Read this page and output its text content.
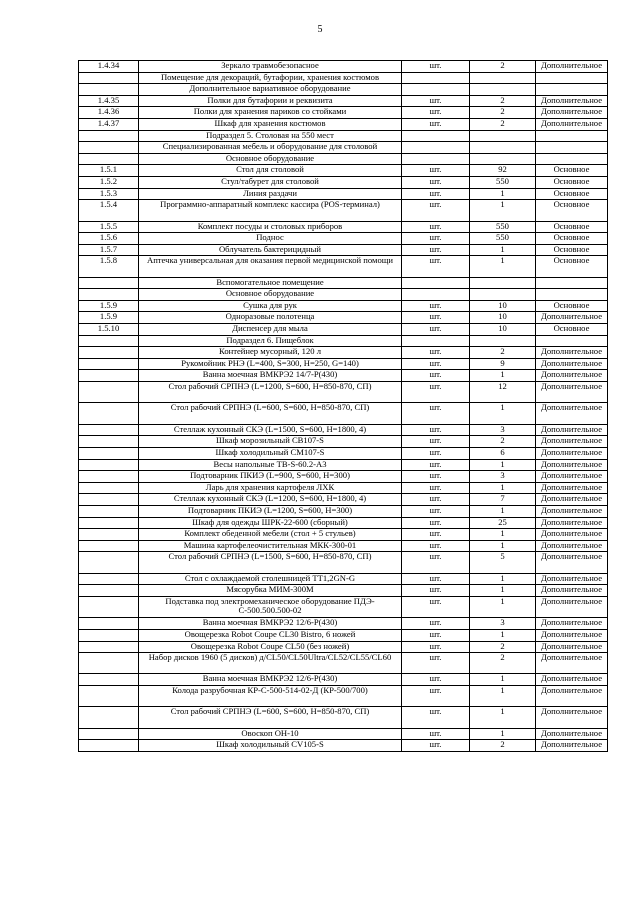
5
1.4.34	Зеркало травмобезопасное	шт.	2	Дополнительное
	Помещение для декораций, бутафории, хранения костюмов			
	Дополнительное вариативное оборудование			
1.4.35	Полки для бутафории и реквизита	шт.	2	Дополнительное
1.4.36	Полки для хранения париков со стойками	шт.	2	Дополнительное
1.4.37	Шкаф для хранения костюмов	шт.	2	Дополнительное
	Подраздел 5. Столовая на 550 мест			
	Специализированная мебель и оборудование для столовой			
	Основное оборудование			
1.5.1	Стол для столовой	шт.	92	Основное
1.5.2	Стул/табурет для столовой	шт.	550	Основное
1.5.3	Линия раздачи	шт.	1	Основное
1.5.4	Программно-аппаратный комплекс кассира (POS-терминал)	шт.	1	Основное
1.5.5	Комплект посуды и столовых приборов	шт.	550	Основное
1.5.6	Поднос	шт.	550	Основное
1.5.7	Облучатель бактерицидный	шт.	1	Основное
1.5.8	Аптечка универсальная для оказания первой медицинской помощи	шт.	1	Основное
	Вспомогательное помещение			
	Основное оборудование			
1.5.9	Сушка для рук	шт.	10	Основное
1.5.9	Одноразовые полотенца	шт.	10	Дополнительное
1.5.10	Диспенсер для мыла	шт.	10	Основное
	Подраздел 6. Пищеблок			
	Контейнер мусорный, 120 л	шт.	2	Дополнительное
	Рукомойник РНЭ (L=400, S=300, H=250, G=140)	шт.	9	Дополнительное
	Ванна моечная ВМКРЭ2 14/7-Р(430)	шт.	1	Дополнительное
	Стол рабочий СРПНЭ (L=1200, S=600, H=850-870, СП)	шт.	12	Дополнительное
	Стол рабочий СРПНЭ (L=600, S=600, H=850-870, СП)	шт.	1	Дополнительное
	Стеллаж кухонный СКЭ (L=1500, S=600, H=1800, 4)	шт.	3	Дополнительное
	Шкаф морозильный СВ107-S	шт.	2	Дополнительное
	Шкаф холодильный СМ107-S	шт.	6	Дополнительное
	Весы напольные ТВ-S-60.2-А3	шт.	1	Дополнительное
	Подтоварник ПКИЭ (L=900, S=600, H=300)	шт.	3	Дополнительное
	Ларь для хранения картофеля ЛХК	шт.	1	Дополнительное
	Стеллаж кухонный СКЭ (L=1200, S=600, H=1800, 4)	шт.	7	Дополнительное
	Подтоварник ПКИЭ (L=1200, S=600, H=300)	шт.	1	Дополнительное
	Шкаф для одежды ШРК-22-600 (сборный)	шт.	25	Дополнительное
	Комплект обеденной мебели (стол + 5 стульев)	шт.	1	Дополнительное
	Машина картофелеочистительная МКК-300-01	шт.	1	Дополнительное
	Стол рабочий СРПНЭ (L=1500, S=600, H=850-870, СП)	шт.	5	Дополнительное
	Стол с охлаждаемой столешницей TT1,2GN-G	шт.	1	Дополнительное
	Мясорубка МИМ-300М	шт.	1	Дополнительное
	Подставка под электромеханическое оборудование ПДЭ-С-500.500.500-02	шт.	1	Дополнительное
	Ванна моечная ВМКРЭ2 12/6-Р(430)	шт.	3	Дополнительное
	Овощерезка Robot Coupe CL30 Bistro, 6 ножей	шт.	1	Дополнительное
	Овощерезка Robot Coupe CL50 (без ножей)	шт.	2	Дополнительное
	Набор дисков 1960 (5 дисков) д/CL50/CL50Ultra/CL52/CL55/CL60	шт.	2	Дополнительное
	Ванна моечная ВМКРЭ2 12/6-Р(430)	шт.	1	Дополнительное
	Колода разрубочная КР-С-500-514-02-Д (КР-500/700)	шт.	1	Дополнительное
	Стол рабочий СРПНЭ (L=600, S=600, H=850-870, СП)	шт.	1	Дополнительное
	Овоскоп ОН-10	шт.	1	Дополнительное
	Шкаф холодильный CV105-S	шт.	2	Дополнительное
